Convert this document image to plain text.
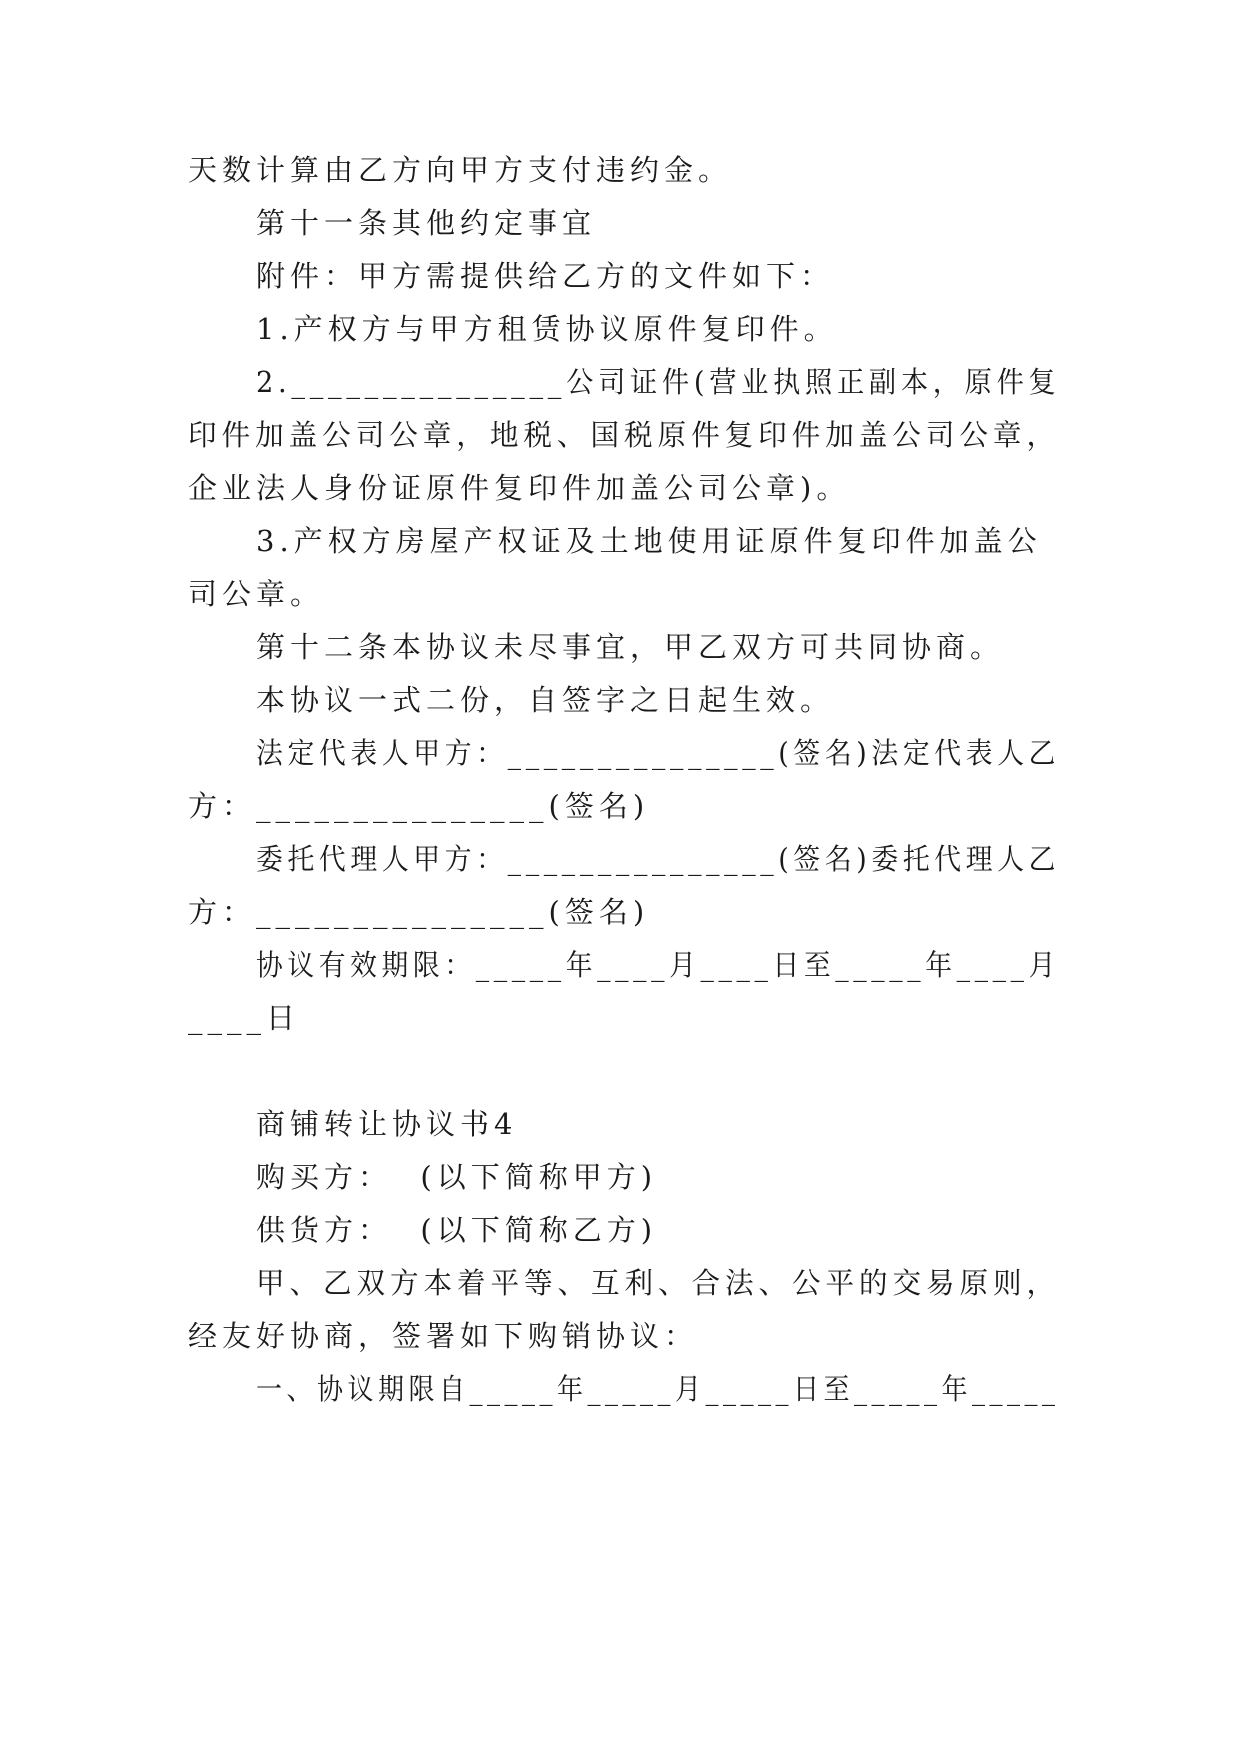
天数计算由乙方向甲方支付违约金。
第十一条其他约定事宜
附件：甲方需提供给乙方的文件如下：
1.产权方与甲方租赁协议原件复印件。
2._______________公司证件(营业执照正副本，原件复
印件加盖公司公章，地税、国税原件复印件加盖公司公章，
企业法人身份证原件复印件加盖公司公章)。
3.产权方房屋产权证及土地使用证原件复印件加盖公
司公章。
第十二条本协议未尽事宜，甲乙双方可共同协商。
本协议一式二份，自签字之日起生效。
法定代表人甲方：_______________(签名)法定代表人乙
方：_______________(签名)
委托代理人甲方：_______________(签名)委托代理人乙
方：_______________(签名)
协议有效期限：_____年____月____日至_____年____月
____日
商铺转让协议书4
购买方：  (以下简称甲方)
供货方：  (以下简称乙方)
甲、乙双方本着平等、互利、合法、公平的交易原则，
经友好协商，签署如下购销协议：
一、协议期限自_____年_____月_____日至_____年_____
